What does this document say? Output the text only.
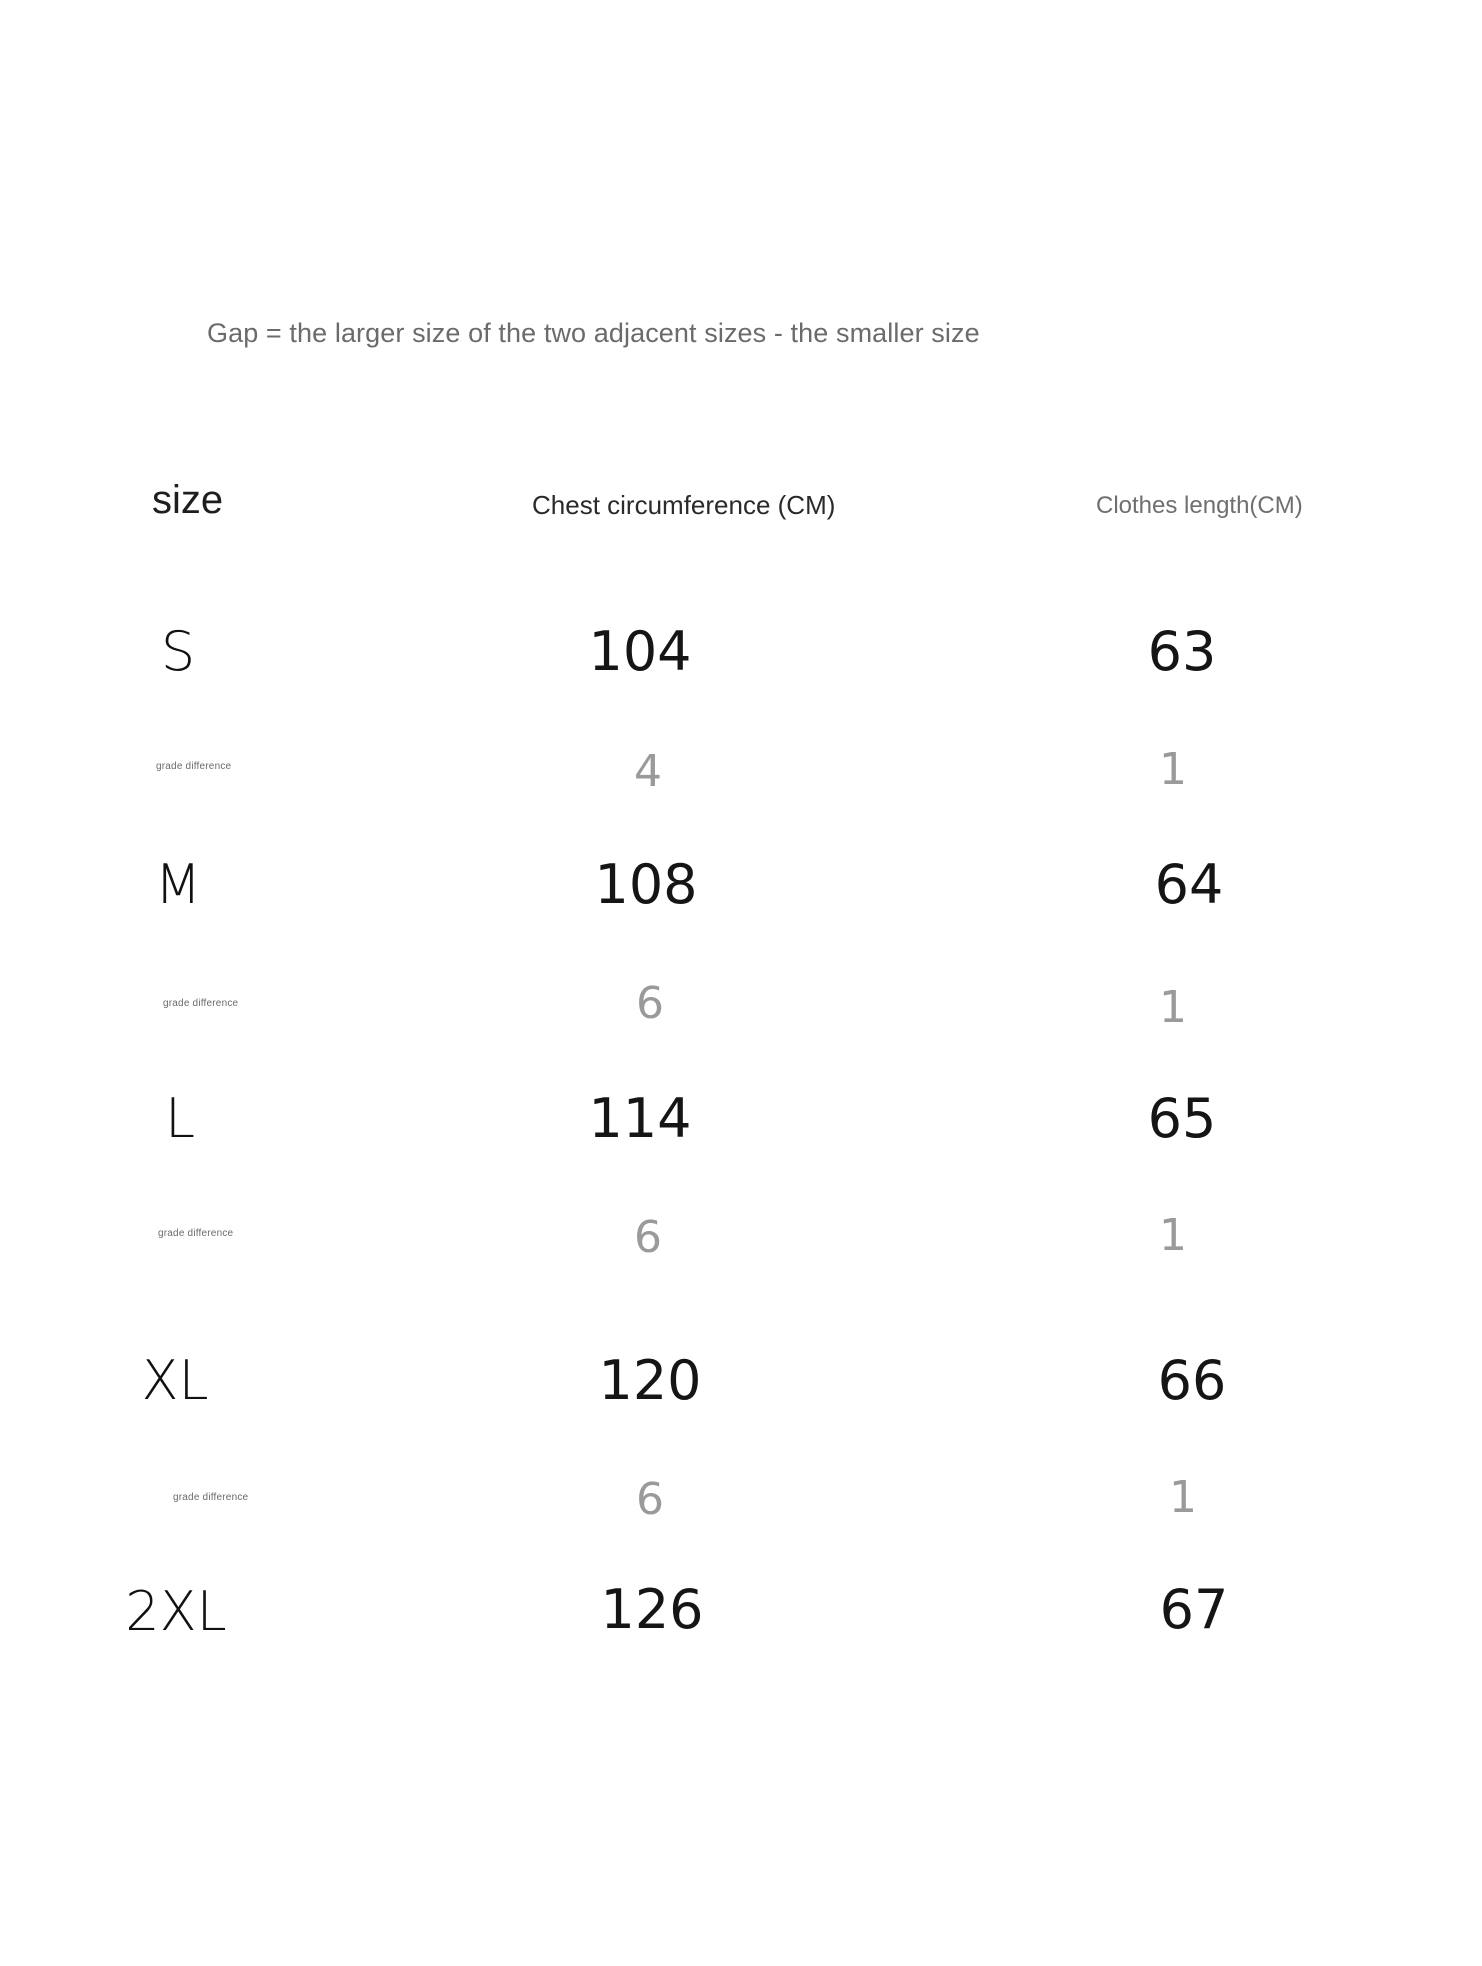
Gap = the larger size of the two adjacent sizes - the smaller size
size	Chest circumference (CM)	Clothes length(CM)
S	104	63
grade difference	4	1
M	108	64
grade difference	6	1
L	114	65
grade difference	6	1
XL	120	66
grade difference	6	1
2XL	126	67
